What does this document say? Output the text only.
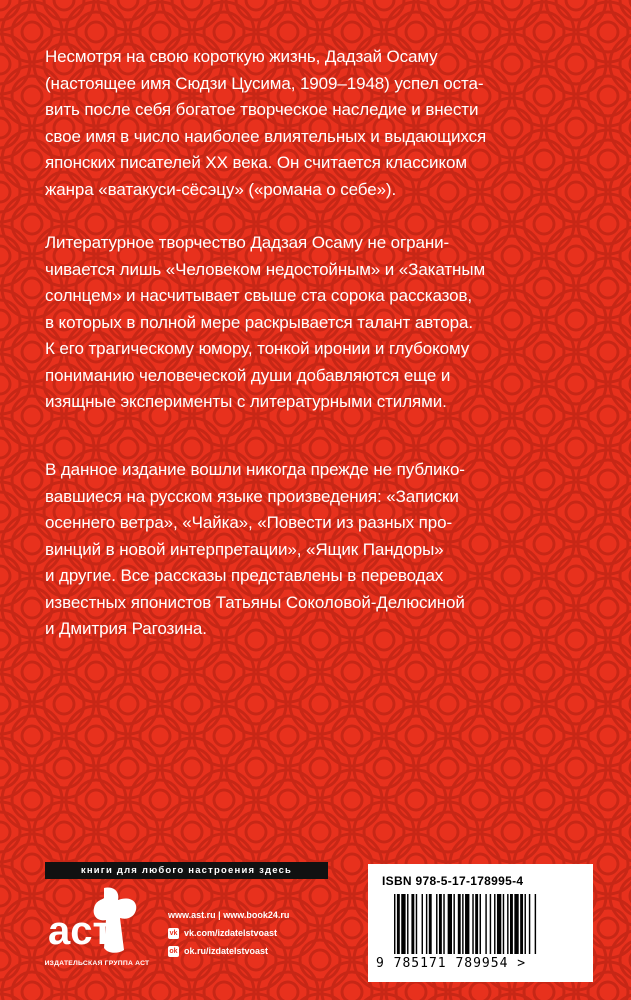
Несмотря на свою короткую жизнь, Дадзай Осаму
(настоящее имя Сюдзи Цусима, 1909–1948) успел оста-
вить после себя богатое творческое наследие и внести
свое имя в число наиболее влиятельных и выдающихся
японских писателей XX века. Он считается классиком
жанра «ватакуси-сёсэцу» («романа о себе»).
Литературное творчество Дадзая Осаму не ограни-
чивается лишь «Человеком недостойным» и «Закатным
солнцем» и насчитывает свыше ста сорока рассказов,
в которых в полной мере раскрывается талант автора.
К его трагическому юмору, тонкой иронии и глубокому
пониманию человеческой души добавляются еще и
изящные эксперименты с литературными стилями.
В данное издание вошли никогда прежде не публико-
вавшиеся на русском языке произведения: «Записки
осеннего ветра», «Чайка», «Повести из разных про-
винций в новой интерпретации», «Ящик Пандоры»
и другие. Все рассказы представлены в переводах
известных японистов Татьяны Соколовой-Делюсиной
и Дмитрия Рагозина.
книги для любого настроения здесь
аст
ИЗДАТЕЛЬСКАЯ ГРУППА АСТ
www.ast.ru | www.book24.ru
vk vk.com/izdatelstvoast
ok ok.ru/izdatelstvoast
ISBN 978-5-17-178995-4
9 785171 789954 >
